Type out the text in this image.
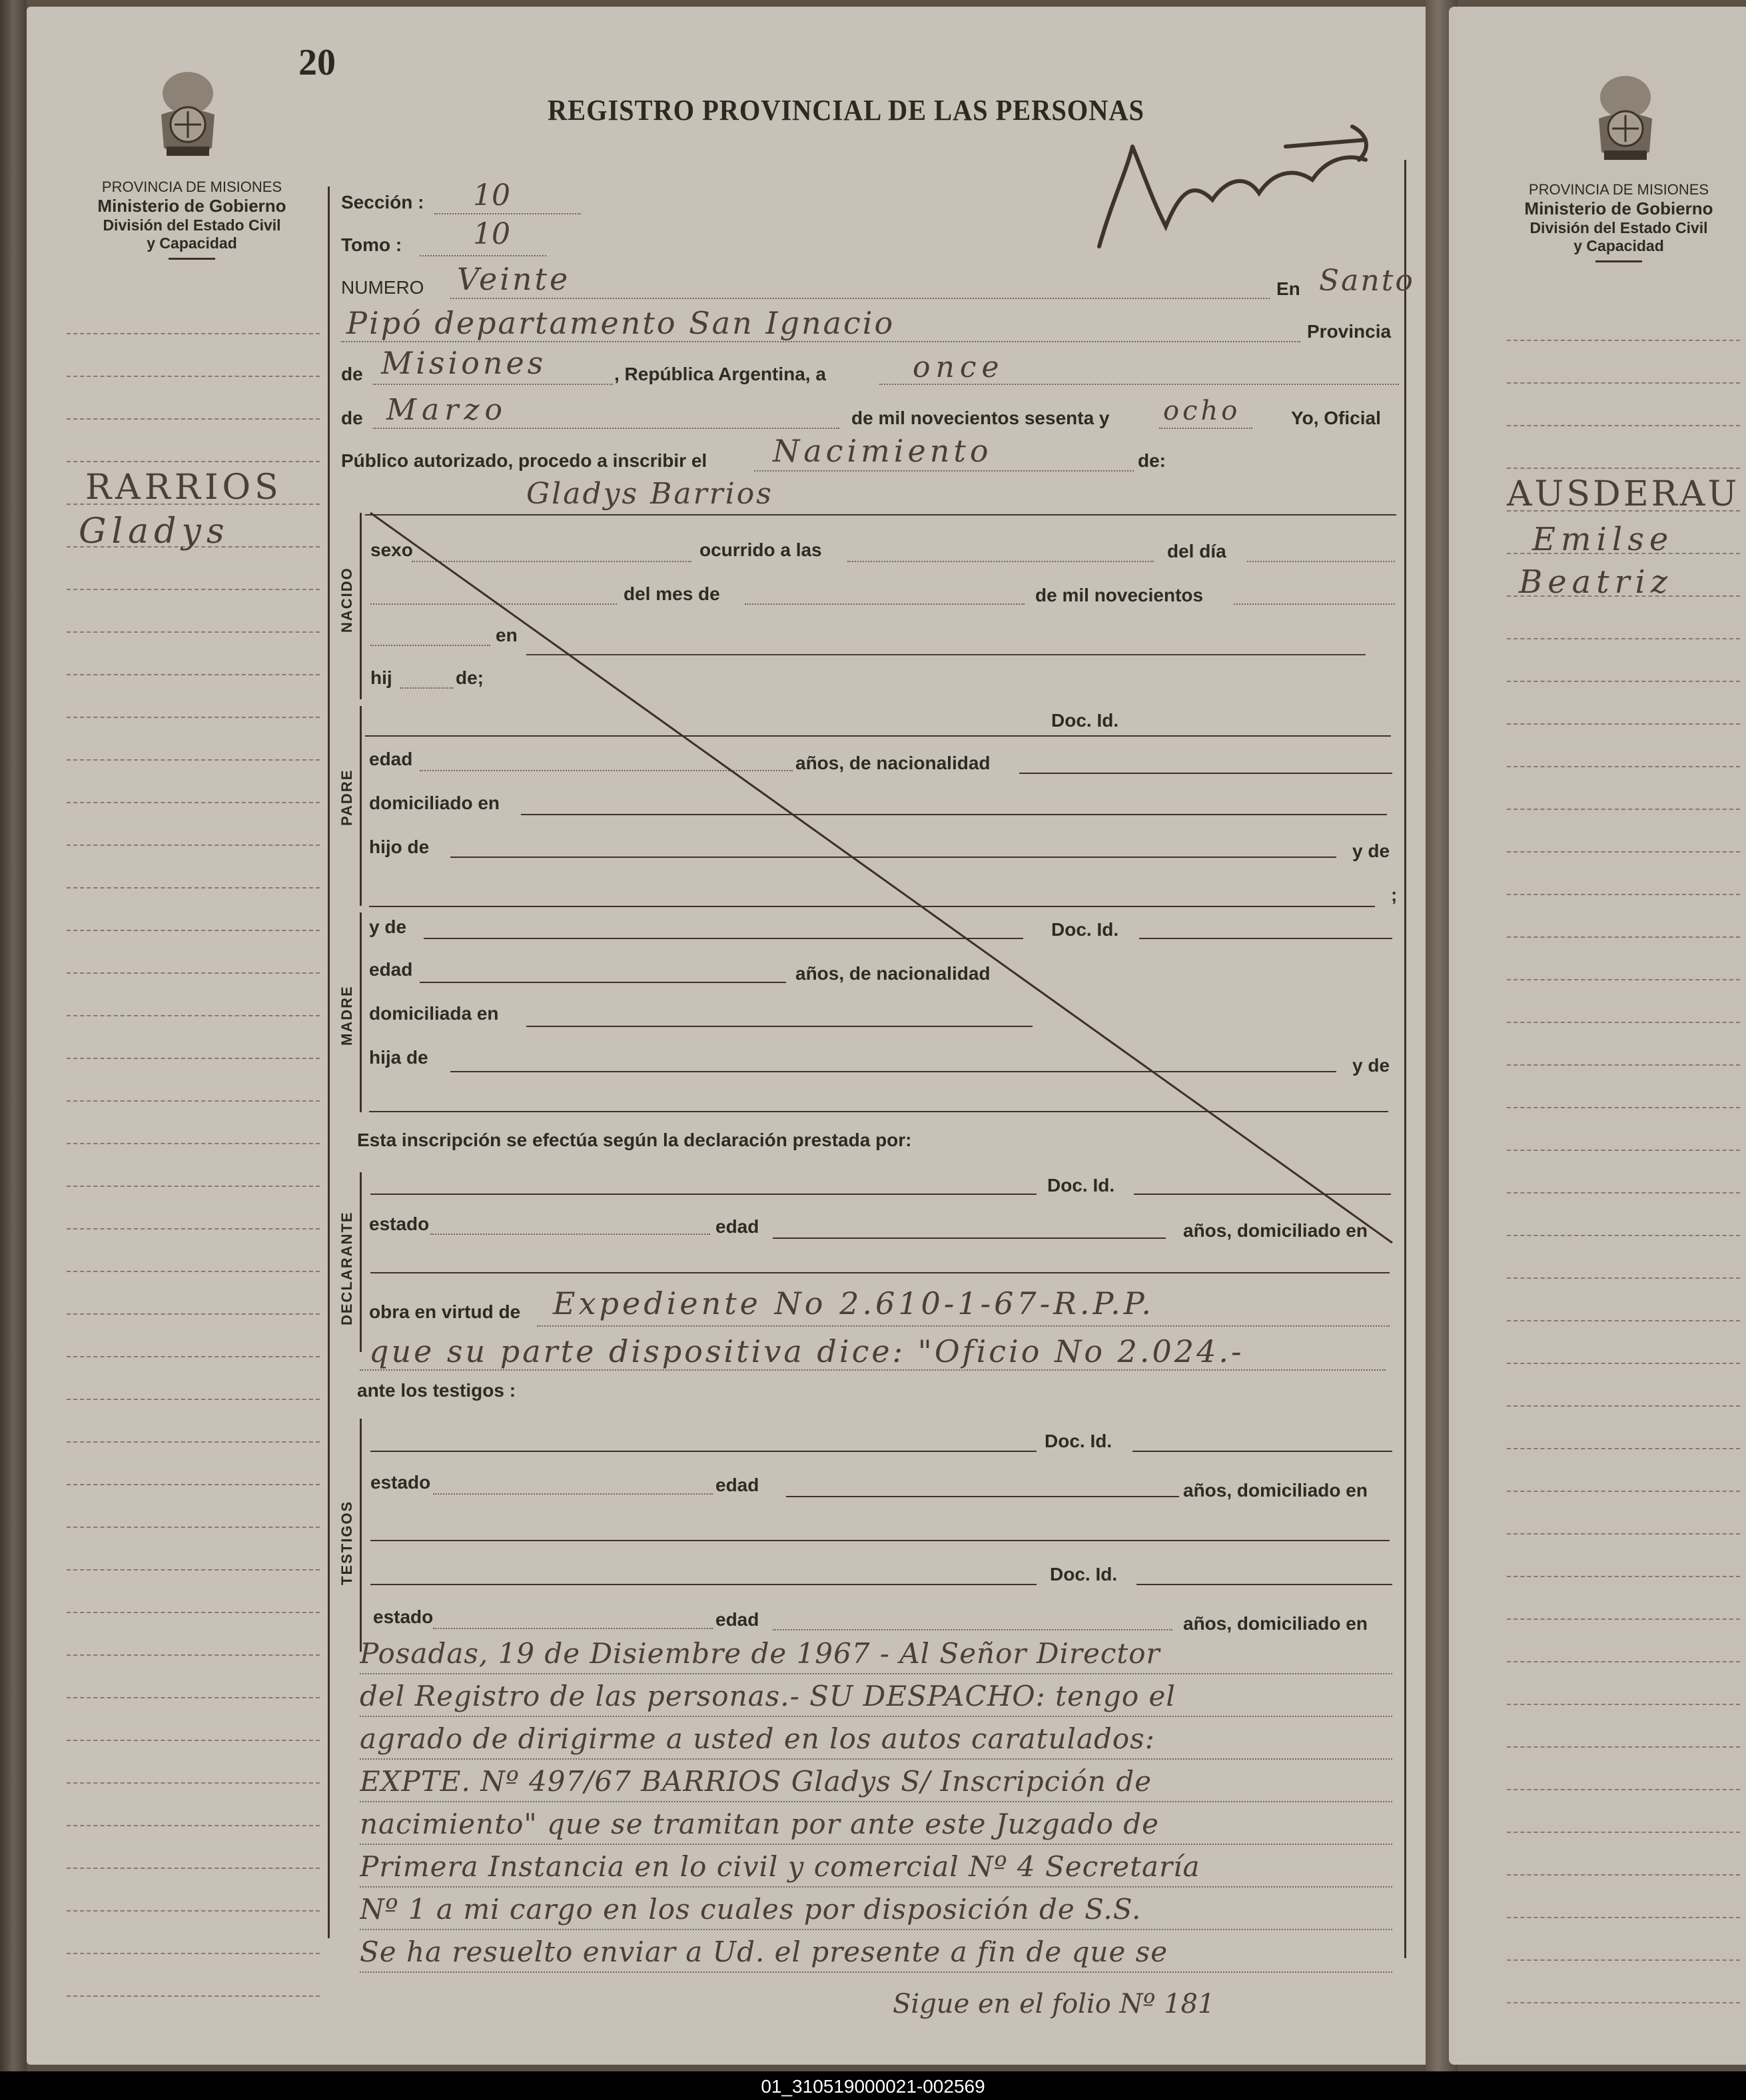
20
REGISTRO PROVINCIAL DE LAS PERSONAS
PROVINCIA DE MISIONES
Ministerio de Gobierno
División del Estado Civil
y Capacidad
PROVINCIA DE MISIONES
Ministerio de Gobierno
División del Estado Civil
y Capacidad
RARRIOS
Gladys
AUSDERAU
Emilse
Beatriz
Sección : 10
Tomo : 10
NUMERO Veinte	En Santo
Pipó departamento San Ignacio	Provincia
de Misiones	, República Argentina, a	once
de Marzo	de mil novecientos sesenta y ocho	Yo, Oficial
Público autorizado, procedo a inscribir el Nacimiento	de:
Gladys Barrios
NACIDO
sexo	ocurrido a las	del día
del mes de	de mil novecientos
en
hij	de;
PADRE
Doc. Id.
edad	años, de nacionalidad
domiciliado en
hijo de	y de
;
MADRE
y de	Doc. Id.
edad	años, de nacionalidad
domiciliada en
hija de	y de
Esta inscripción se efectúa según la declaración prestada por:
DECLARANTE
Doc. Id.
estado	edad	años, domiciliado en
obra en virtud de Expediente No 2.610-1-67-R.P.P.
que su parte dispositiva dice: "Oficio No 2.024.-
ante los testigos :
TESTIGOS
Doc. Id.
estado	edad	años, domiciliado en
Doc. Id.
estado	edad	años, domiciliado en
Posadas, 19 de Disiembre de 1967 - Al Señor Director
del Registro de las personas.- SU DESPACHO: tengo el
agrado de dirigirme a usted en los autos caratulados:
EXPTE. Nº 497/67 BARRIOS Gladys S/ Inscripción de
nacimiento" que se tramitan por ante este Juzgado de
Primera Instancia en lo civil y comercial Nº 4 Secretaría
Nº 1 a mi cargo en los cuales por disposición de S.S.
Se ha resuelto enviar a Ud. el presente a fin de que se
Sigue en el folio Nº 181
01_310519000021-002569
